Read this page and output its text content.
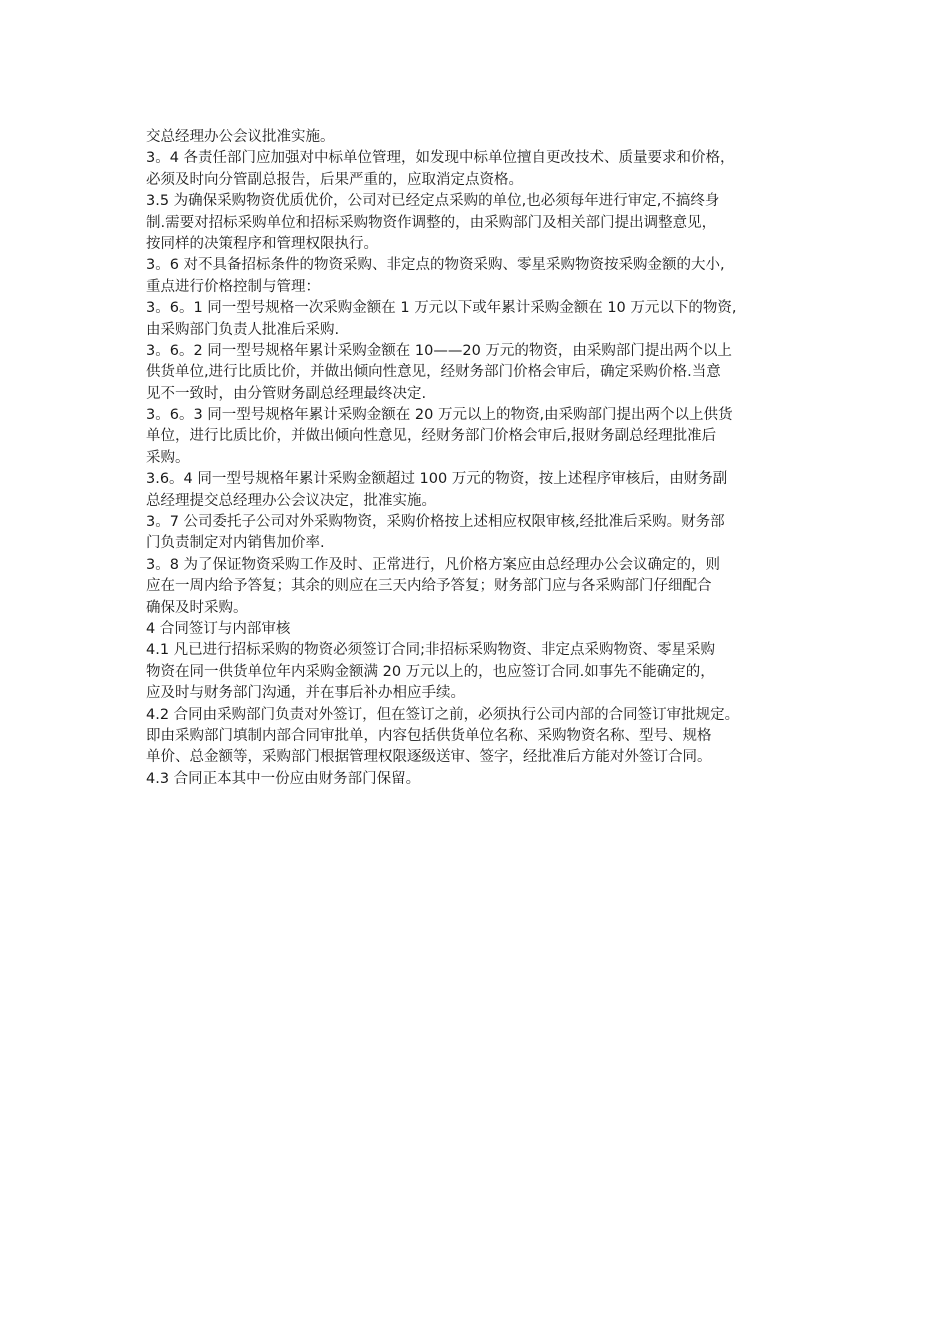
交总经理办公会议批准实施。
3。4 各责任部门应加强对中标单位管理，如发现中标单位擅自更改技术、质量要求和价格，
必须及时向分管副总报告，后果严重的，应取消定点资格。
3.5 为确保采购物资优质优价，公司对已经定点采购的单位,也必须每年进行审定,不搞终身
制.需要对招标采购单位和招标采购物资作调整的，由采购部门及相关部门提出调整意见，
按同样的决策程序和管理权限执行。
3。6 对不具备招标条件的物资采购、非定点的物资采购、零星采购物资按采购金额的大小,
重点进行价格控制与管理：
3。6。1 同一型号规格一次采购金额在 1 万元以下或年累计采购金额在 10 万元以下的物资,
由采购部门负责人批准后采购.
3。6。2 同一型号规格年累计采购金额在 10——20 万元的物资，由采购部门提出两个以上
供货单位,进行比质比价，并做出倾向性意见，经财务部门价格会审后，确定采购价格.当意
见不一致时，由分管财务副总经理最终决定.
3。6。3 同一型号规格年累计采购金额在 20 万元以上的物资,由采购部门提出两个以上供货
单位，进行比质比价，并做出倾向性意见，经财务部门价格会审后,报财务副总经理批准后
采购。
3.6。4 同一型号规格年累计采购金额超过 100 万元的物资，按上述程序审核后，由财务副
总经理提交总经理办公会议决定，批准实施。
3。7 公司委托子公司对外采购物资，采购价格按上述相应权限审核,经批准后采购。财务部
门负责制定对内销售加价率.
3。8 为了保证物资采购工作及时、正常进行，凡价格方案应由总经理办公会议确定的，则
应在一周内给予答复；其余的则应在三天内给予答复；财务部门应与各采购部门仔细配合
确保及时采购。
4 合同签订与内部审核
4.1 凡已进行招标采购的物资必须签订合同;非招标采购物资、非定点采购物资、零星采购
物资在同一供货单位年内采购金额满 20 万元以上的，也应签订合同.如事先不能确定的，
应及时与财务部门沟通，并在事后补办相应手续。
4.2 合同由采购部门负责对外签订，但在签订之前，必须执行公司内部的合同签订审批规定。
即由采购部门填制内部合同审批单，内容包括供货单位名称、采购物资名称、型号、规格
单价、总金额等，采购部门根据管理权限逐级送审、签字，经批准后方能对外签订合同。
4.3 合同正本其中一份应由财务部门保留。
